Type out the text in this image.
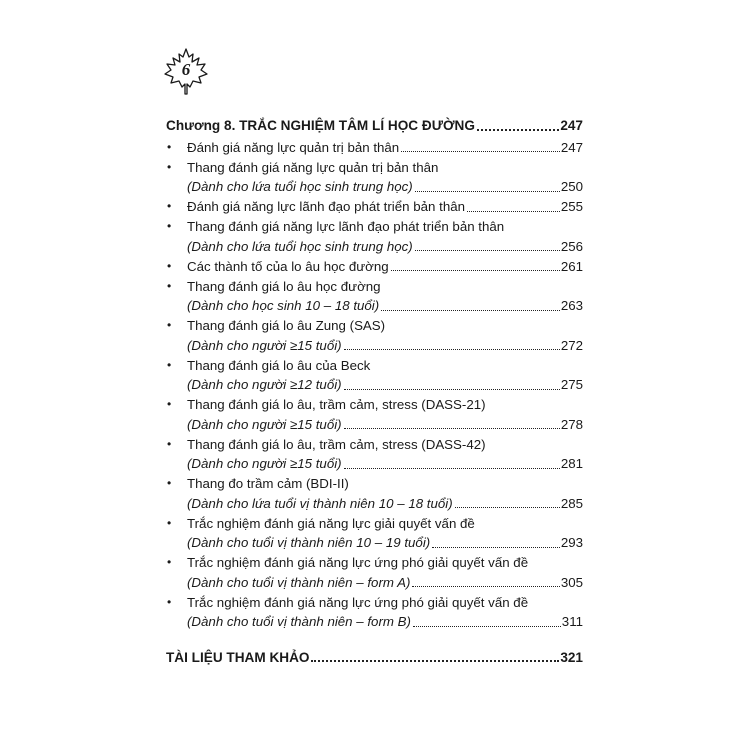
6
Chương 8. TRẮC NGHIỆM TÂM LÍ HỌC ĐƯỜNG	247
• Đánh giá năng lực quản trị bản thân	247
• Thang đánh giá năng lực quản trị bản thân
(Dành cho lứa tuổi học sinh trung học)	250
• Đánh giá năng lực lãnh đạo phát triển bản thân	255
• Thang đánh giá năng lực lãnh đạo phát triển bản thân
(Dành cho lứa tuổi học sinh trung học)	256
• Các thành tố của lo âu học đường	261
• Thang đánh giá lo âu học đường
(Dành cho học sinh 10 – 18 tuổi)	263
• Thang đánh giá lo âu Zung (SAS)
(Dành cho người ≥15 tuổi)	272
• Thang đánh giá lo âu của Beck
(Dành cho người ≥12 tuổi)	275
• Thang đánh giá lo âu, trầm cảm, stress (DASS-21)
(Dành cho người ≥15 tuổi)	278
• Thang đánh giá lo âu, trầm cảm, stress (DASS-42)
(Dành cho người ≥15 tuổi)	281
• Thang đo trầm cảm (BDI-II)
(Dành cho lứa tuổi vị thành niên 10 – 18 tuổi)	285
• Trắc nghiệm đánh giá năng lực giải quyết vấn đề
(Dành cho tuổi vị thành niên 10 – 19 tuổi)	293
• Trắc nghiệm đánh giá năng lực ứng phó giải quyết vấn đề
(Dành cho tuổi vị thành niên – form A)	305
• Trắc nghiệm đánh giá năng lực ứng phó giải quyết vấn đề
(Dành cho tuổi vị thành niên – form B)	311
TÀI LIỆU THAM KHẢO	321
